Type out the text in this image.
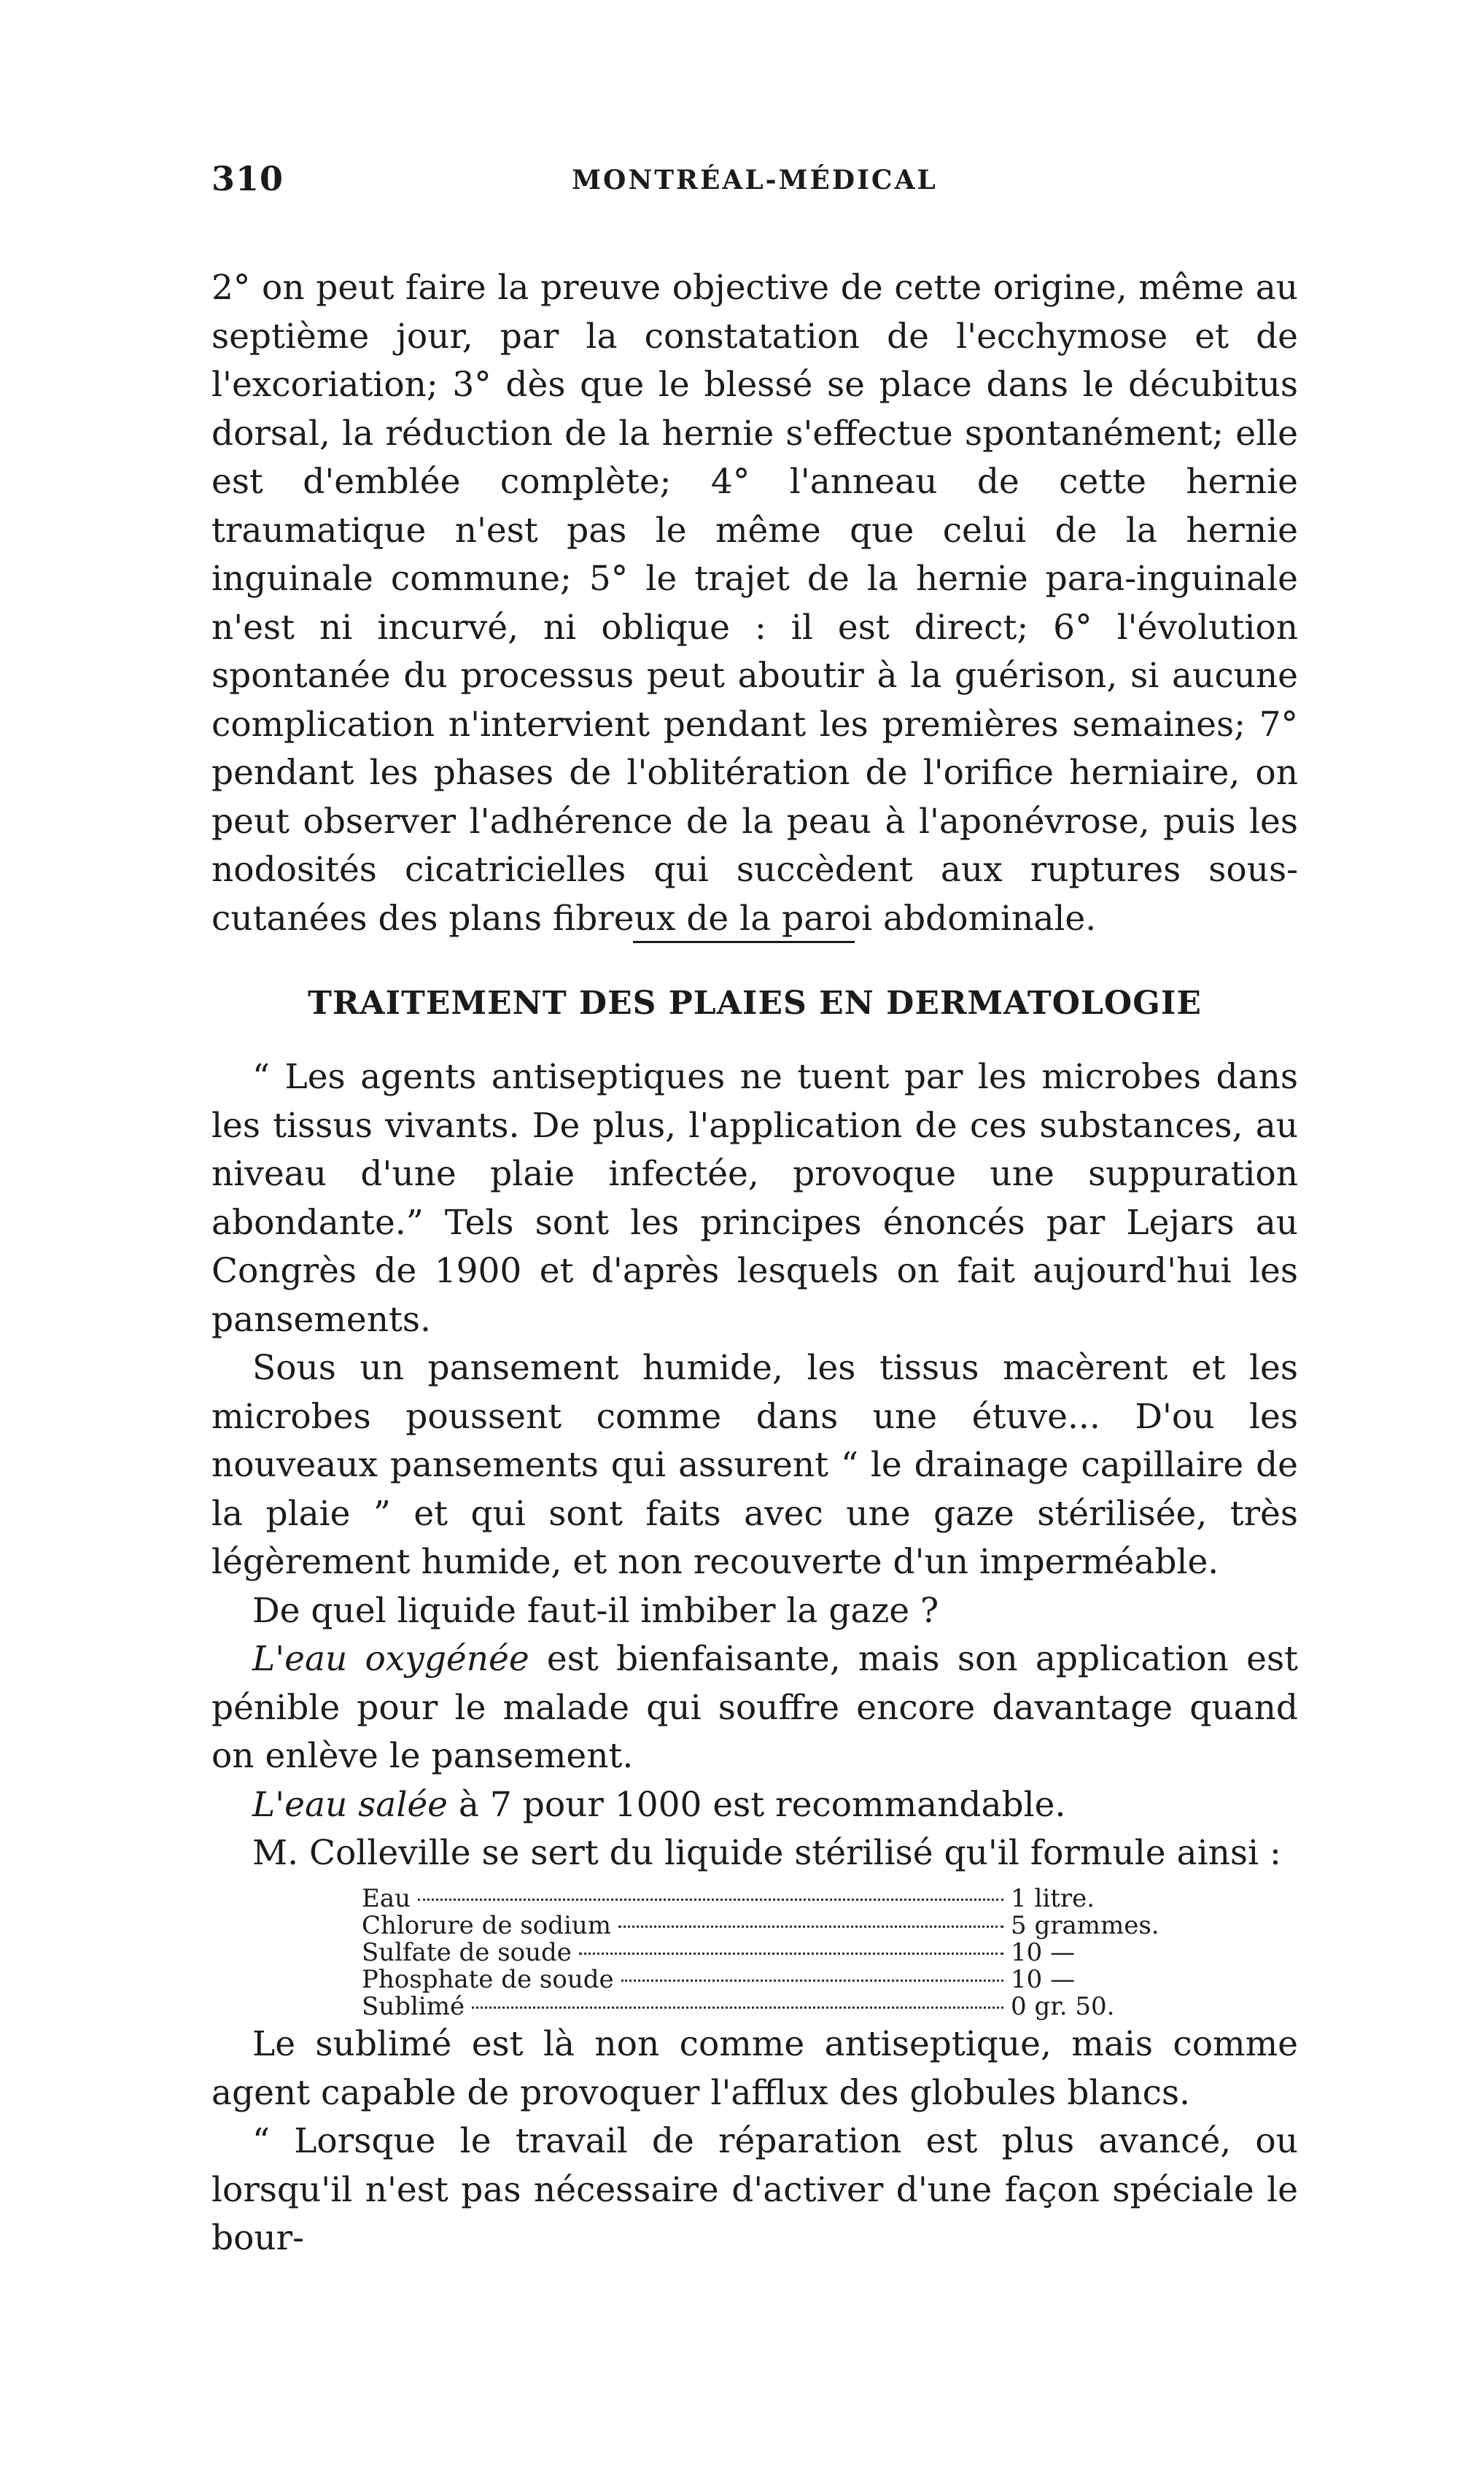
310	MONTRÉAL-MÉDICAL

2° on peut faire la preuve objective de cette origine, même au septième jour, par la constatation de l'ecchymose et de l'excoriation; 3° dès que le blessé se place dans le décubitus dorsal, la réduction de la hernie s'effectue spontanément; elle est d'emblée complète; 4° l'anneau de cette hernie traumatique n'est pas le même que celui de la hernie inguinale commune; 5° le trajet de la hernie para-inguinale n'est ni incurvé, ni oblique : il est direct; 6° l'évolution spontanée du processus peut aboutir à la guérison, si aucune complication n'intervient pendant les premières semaines; 7° pendant les phases de l'oblitération de l'orifice herniaire, on peut observer l'adhérence de la peau à l'aponévrose, puis les nodosités cicatricielles qui succèdent aux ruptures sous-cutanées des plans fibreux de la paroi abdominale.

TRAITEMENT DES PLAIES EN DERMATOLOGIE

“ Les agents antiseptiques ne tuent par les microbes dans les tissus vivants. De plus, l'application de ces substances, au niveau d'une plaie infectée, provoque une suppuration abondante.” Tels sont les principes énoncés par Lejars au Congrès de 1900 et d'après lesquels on fait aujourd'hui les pansements.

Sous un pansement humide, les tissus macèrent et les microbes poussent comme dans une étuve... D'ou les nouveaux pansements qui assurent “ le drainage capillaire de la plaie ” et qui sont faits avec une gaze stérilisée, très légèrement humide, et non recouverte d'un imperméable.

De quel liquide faut-il imbiber la gaze ?

L'eau oxygénée est bienfaisante, mais son application est pénible pour le malade qui souffre encore davantage quand on enlève le pansement.

L'eau salée à 7 pour 1000 est recommandable.

M. Colleville se sert du liquide stérilisé qu'il formule ainsi :

Eau	1 litre.
Chlorure de sodium	5 grammes.
Sulfate de soude	10 —
Phosphate de soude	10 —
Sublimé	0 gr. 50.

Le sublimé est là non comme antiseptique, mais comme agent capable de provoquer l'afflux des globules blancs.

“ Lorsque le travail de réparation est plus avancé, ou lorsqu'il n'est pas nécessaire d'activer d'une façon spéciale le bour-
